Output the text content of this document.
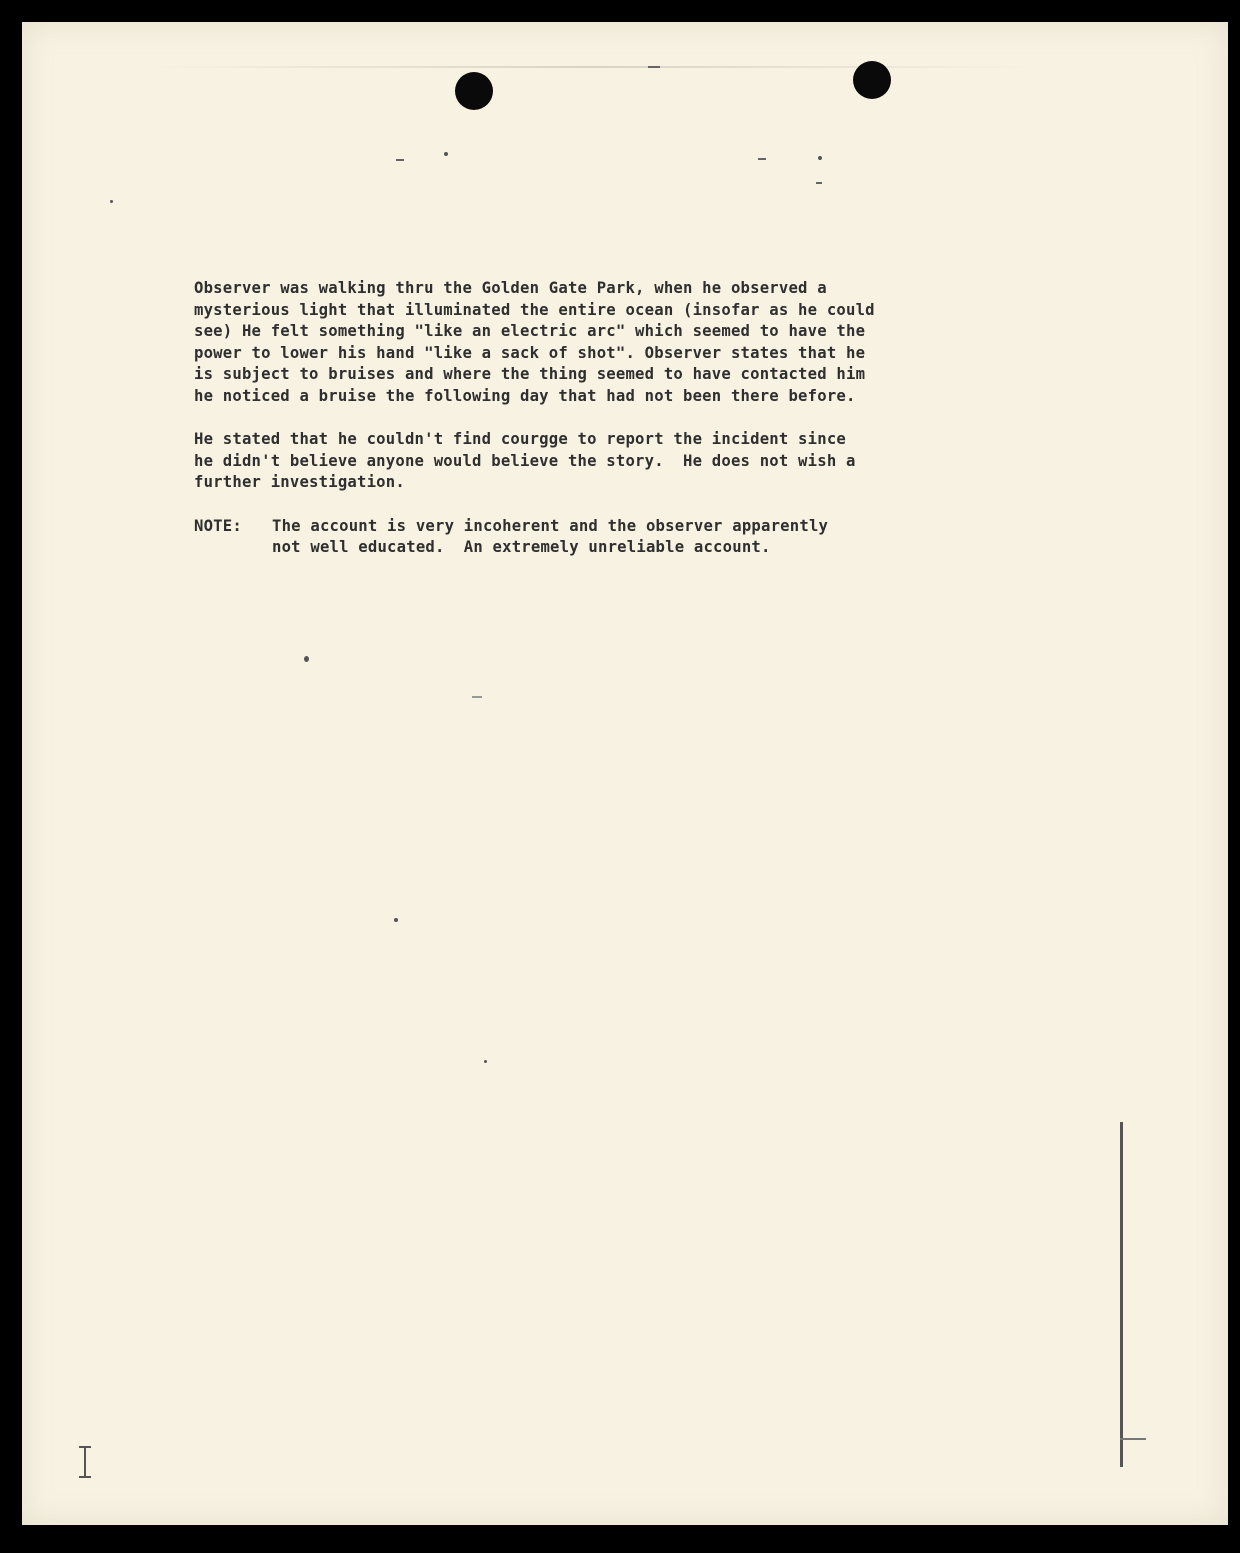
Observer was walking thru the Golden Gate Park, when he observed a
mysterious light that illuminated the entire ocean (insofar as he could
see) He felt something "like an electric arc" which seemed to have the
power to lower his hand "like a sack of shot". Observer states that he
is subject to bruises and where the thing seemed to have contacted him
he noticed a bruise the following day that had not been there before.

He stated that he couldn't find courgge to report the incident since
he didn't believe anyone would believe the story.  He does not wish a
further investigation.

NOTE:	The account is very incoherent and the observer apparently
not well educated.  An extremely unreliable account.
